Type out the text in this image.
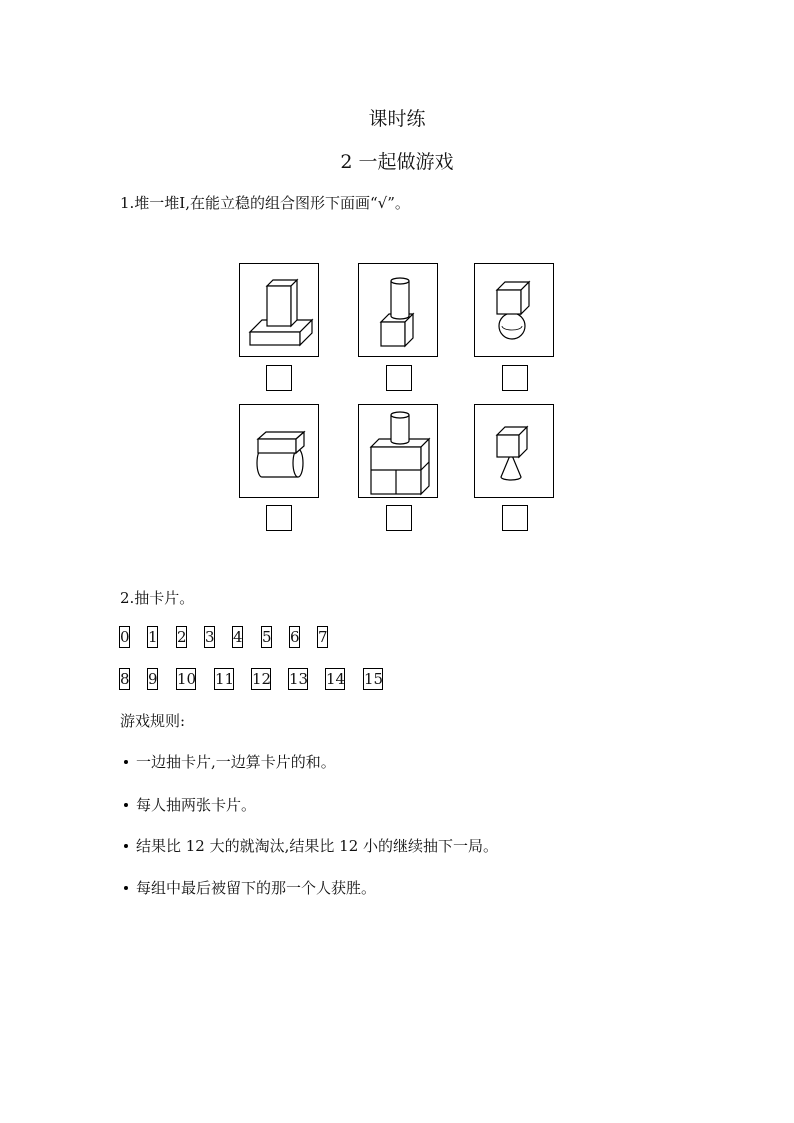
课时练
2 一起做游戏
1.堆一堆Ⅰ,在能立稳的组合图形下面画“√”。
2.抽卡片。
0 1 2 3 4 5 6 7
8 9 10 11 12 13 14 15
游戏规则:
一边抽卡片,一边算卡片的和。
每人抽两张卡片。
结果比 12 大的就淘汰,结果比 12 小的继续抽下一局。
每组中最后被留下的那一个人获胜。
